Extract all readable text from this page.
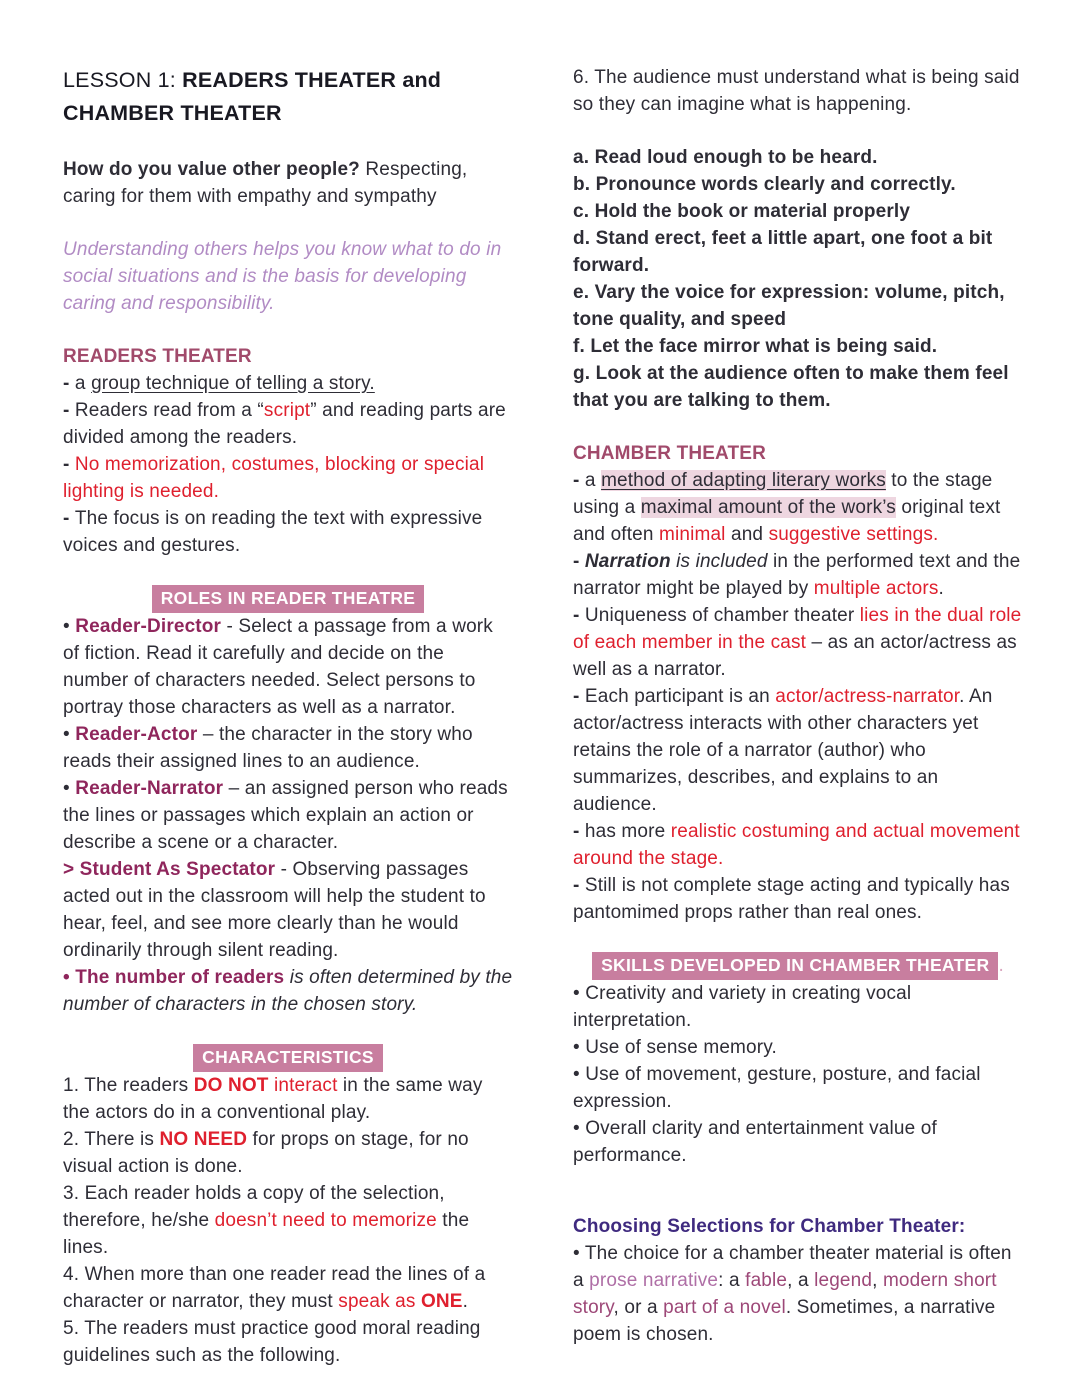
LESSON 1: READERS THEATER and CHAMBER THEATER
How do you value other people? Respecting, caring for them with empathy and sympathy
Understanding others helps you know what to do in social situations and is the basis for developing caring and responsibility.
READERS THEATER
- a group technique of telling a story.
- Readers read from a “script” and reading parts are divided among the readers.
- No memorization, costumes, blocking or special lighting is needed.
- The focus is on reading the text with expressive voices and gestures.
ROLES IN READER THEATRE
• Reader-Director - Select a passage from a work of fiction. Read it carefully and decide on the number of characters needed. Select persons to portray those characters as well as a narrator.
• Reader-Actor – the character in the story who reads their assigned lines to an audience.
• Reader-Narrator – an assigned person who reads the lines or passages which explain an action or describe a scene or a character.
> Student As Spectator - Observing passages acted out in the classroom will help the student to hear, feel, and see more clearly than he would ordinarily through silent reading.
• The number of readers is often determined by the number of characters in the chosen story.
CHARACTERISTICS
1. The readers DO NOT interact in the same way the actors do in a conventional play.
2. There is NO NEED for props on stage, for no visual action is done.
3. Each reader holds a copy of the selection, therefore, he/she doesn’t need to memorize the lines.
4. When more than one reader read the lines of a character or narrator, they must speak as ONE.
5. The readers must practice good moral reading guidelines such as the following.
6. The audience must understand what is being said so they can imagine what is happening.
a. Read loud enough to be heard.
b. Pronounce words clearly and correctly.
c. Hold the book or material properly
d. Stand erect, feet a little apart, one foot a bit forward.
e. Vary the voice for expression: volume, pitch, tone quality, and speed
f. Let the face mirror what is being said.
g. Look at the audience often to make them feel that you are talking to them.
CHAMBER THEATER
- a method of adapting literary works to the stage using a maximal amount of the work’s original text and often minimal and suggestive settings.
- Narration is included in the performed text and the narrator might be played by multiple actors.
- Uniqueness of chamber theater lies in the dual role of each member in the cast – as an actor/actress as well as a narrator.
- Each participant is an actor/actress-narrator. An actor/actress interacts with other characters yet retains the role of a narrator (author) who summarizes, describes, and explains to an audience.
- has more realistic costuming and actual movement around the stage.
- Still is not complete stage acting and typically has pantomimed props rather than real ones.
SKILLS DEVELOPED IN CHAMBER THEATER .
• Creativity and variety in creating vocal interpretation.
• Use of sense memory.
• Use of movement, gesture, posture, and facial expression.
• Overall clarity and entertainment value of performance.
Choosing Selections for Chamber Theater:
• The choice for a chamber theater material is often a prose narrative: a fable, a legend, modern short story, or a part of a novel. Sometimes, a narrative poem is chosen.
